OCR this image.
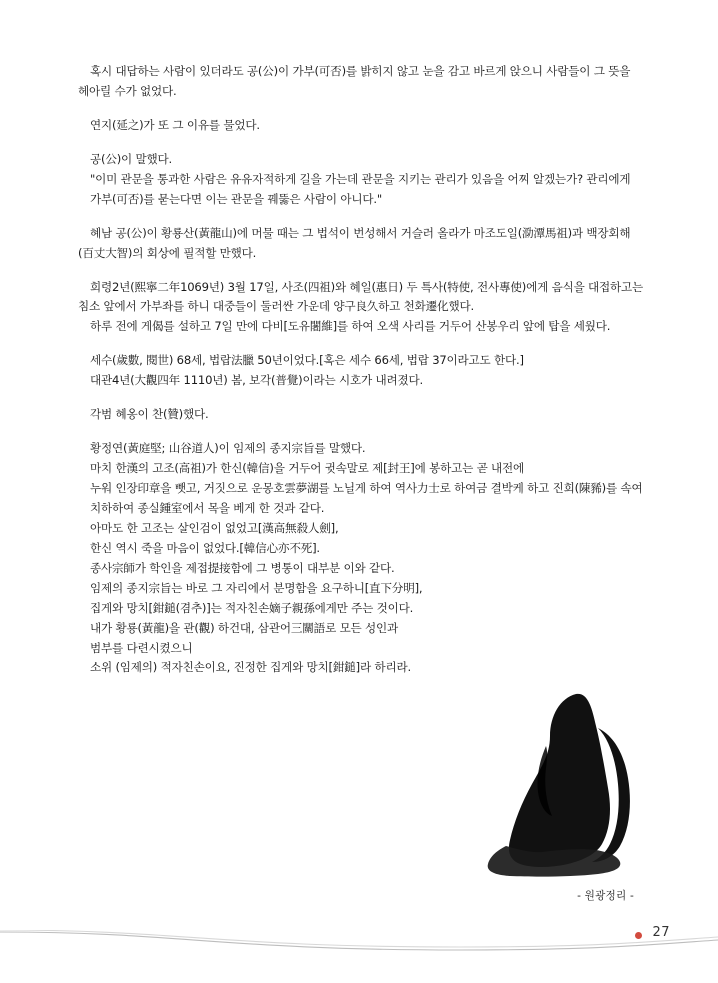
혹시 대답하는 사람이 있더라도 공(公)이 가부(可否)를 밝히지 않고 눈을 감고 바르게 앉으니 사람들이 그 뜻을 헤아릴 수가 없었다.

연지(延之)가 또 그 이유를 물었다.

공(公)이 말했다.

"이미 관문을 통과한 사람은 유유자적하게 길을 가는데 관문을 지키는 관리가 있음을 어찌 알겠는가? 관리에게 가부(可否)를 묻는다면 이는 관문을 꿰뚫은 사람이 아니다."

혜남 공(公)이 황룡산(黃龍山)에 머물 때는 그 법석이 번성해서 거슬러 올라가 마조도일(泐潭馬祖)과 백장회해(百丈大智)의 회상에 필적할 만했다.

희령2년(熙寧二年1069년) 3월 17일, 사조(四祖)와 혜일(惠日) 두 특사(特使, 전사專使)에게 음식을 대접하고는 침소 앞에서 가부좌를 하니 대중들이 둘러싼 가운데 양구良久하고 천화遷化했다.

하루 전에 게偈를 설하고 7일 만에 다비[도유闍維]를 하여 오색 사리를 거두어 산봉우리 앞에 탑을 세웠다.

세수(歲數, 閱世) 68세, 법랍法臘 50년이었다.[혹은 세수 66세, 법랍 37이라고도 한다.]

대관4년(大觀四年 1110년) 봄, 보각(普覺)이라는 시호가 내려졌다.

각범 혜옹이 찬(贊)했다.

황정연(黃庭堅; 山谷道人)이 임제의 종지宗旨를 말했다.

마치 한漢의 고조(高祖)가 한신(韓信)을 거두어 귓속말로 제[封王]에 봉하고는 곧 내전에

누워 인장印章을 뺏고, 거짓으로 운몽호雲夢湖를 노닐게 하여 역사力士로 하여금 결박케 하고 진희(陳豨)를 속여 치하하여 종실鍾室에서 목을 베게 한 것과 같다.

아마도 한 고조는 살인검이 없었고[漢高無殺人劍],

한신 역시 죽을 마음이 없었다.[韓信心亦不死].

종사宗師가 학인을 제접提接함에 그 병통이 대부분 이와 같다.

임제의 종지宗旨는 바로 그 자리에서 분명함을 요구하니[直下分明],

집게와 망치[鉗鎚(겸추)]는 적자친손嫡子親孫에게만 주는 것이다.

내가 황룡(黃龍)을 관(觀) 하건대, 삼관어三關語로 모든 성인과

범부를 다련시켰으니

소위 (임제의) 적자친손이요, 진정한 집게와 망치[鉗鎚]라 하리라.

- 원광정리 -
27
